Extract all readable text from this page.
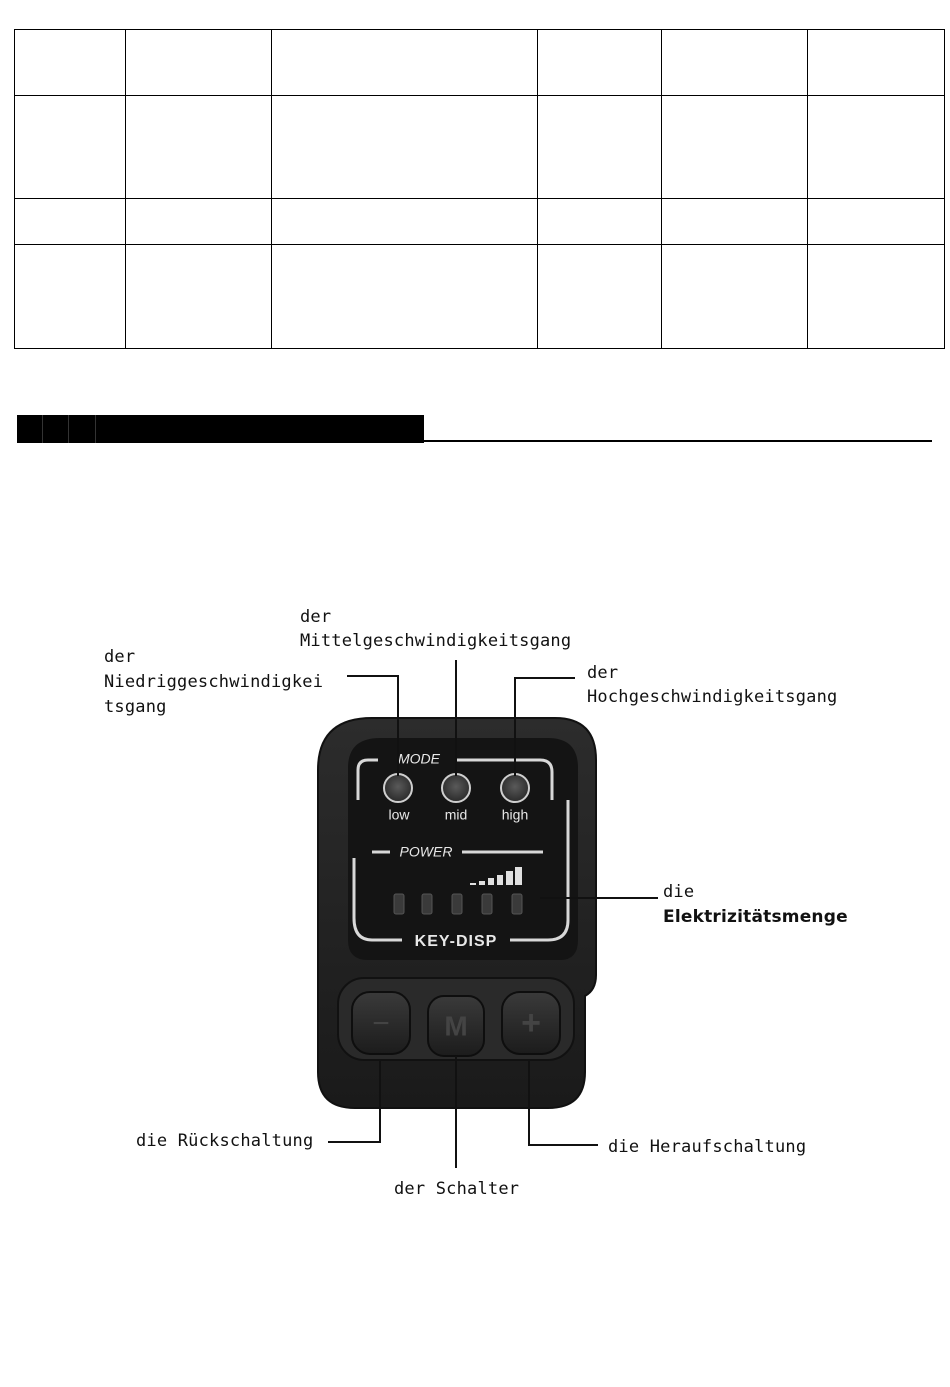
MODE
low	mid high
POWER
KEY-DISP
− M +
der
Mittelgeschwindigkeitsgang
der
Niedriggeschwindigkei
tsgang
der
Hochgeschwindigkeitsgang
die
Elektrizitätsmenge
die Rückschaltung	die Heraufschaltung
der Schalter
